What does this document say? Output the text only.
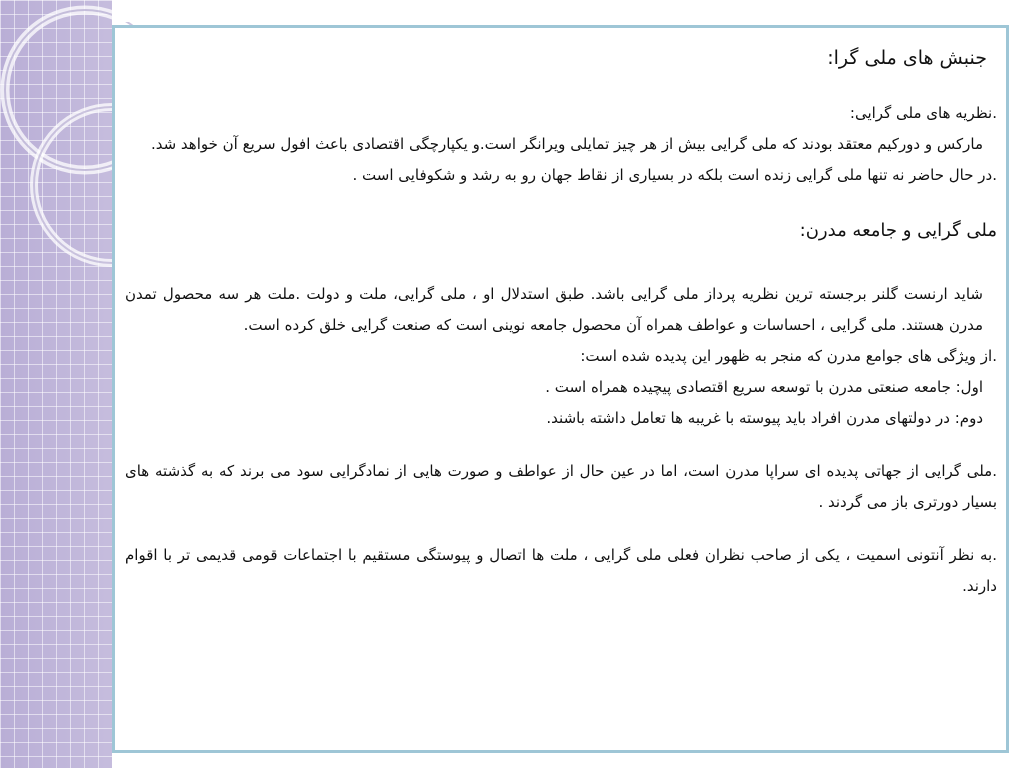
جنبش های ملی گرا:

.نظریه های ملی گرایی:

مارکس و دورکیم معتقد بودند که ملی گرایی بیش از هر چیز تمایلی ویرانگر است.و یکپارچگی اقتصادی باعث افول سریع آن خواهد شد.

.در حال حاضر نه تنها ملی گرایی زنده است بلکه در بسیاری از نقاط جهان رو به رشد و شکوفایی است .

ملی گرایی و جامعه مدرن:

شاید ارنست گلنر برجسته ترین نظریه پرداز ملی گرایی باشد. طبق استدلال او ، ملی گرایی، ملت و دولت .ملت هر سه محصول تمدن مدرن هستند. ملی گرایی ، احساسات و عواطف همراه آن محصول جامعه نوینی است که صنعت گرایی خلق کرده است.

.از ویژگی های جوامع مدرن که منجر به ظهور این پدیده شده است:

اول: جامعه صنعتی مدرن با توسعه سریع اقتصادی پیچیده همراه است .

دوم: در دولتهای مدرن افراد باید پیوسته با غریبه ها تعامل داشته باشند.

.ملی گرایی از جهاتی پدیده ای سراپا مدرن است، اما در عین حال از عواطف و صورت هایی از نمادگرایی سود می برند که به گذشته های بسیار دورتری باز می گردند .

.به نظر آنتونی اسمیت ، یکی از صاحب نظران فعلی ملی گرایی ، ملت ها اتصال و پیوستگی مستقیم با اجتماعات قومی قدیمی تر با اقوام دارند.
